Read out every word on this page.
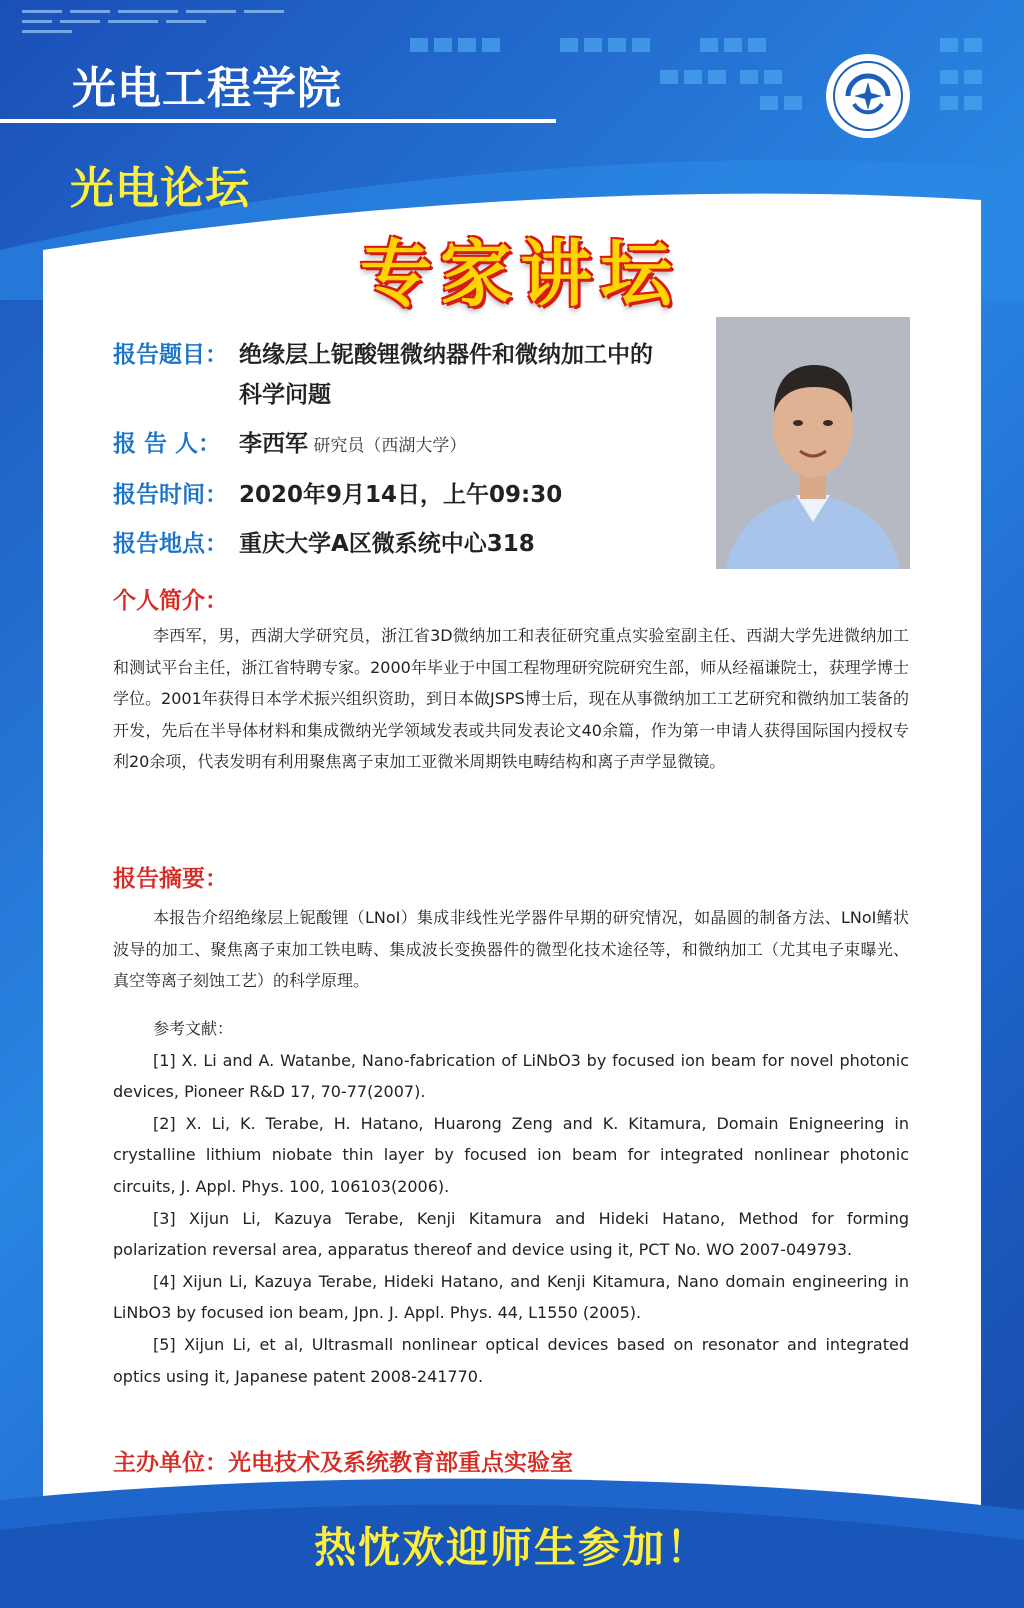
光电工程学院
光电论坛
专家讲坛
报告题目： 绝缘层上铌酸锂微纳器件和微纳加工中的
科学问题
报 告 人： 李西军 研究员（西湖大学）
报告时间： 2020年9月14日，上午09:30
报告地点： 重庆大学A区微系统中心318
个人简介：

李西军，男，西湖大学研究员，浙江省3D微纳加工和表征研究重点实验室副主任、西湖大学先进微纳加工和测试平台主任，浙江省特聘专家。2000年毕业于中国工程物理研究院研究生部，师从经福谦院士，获理学博士学位。2001年获得日本学术振兴组织资助，到日本做JSPS博士后，现在从事微纳加工工艺研究和微纳加工装备的开发，先后在半导体材料和集成微纳光学领域发表或共同发表论文40余篇，作为第一申请人获得国际国内授权专利20余项，代表发明有利用聚焦离子束加工亚微米周期铁电畴结构和离子声学显微镜。

报告摘要：

本报告介绍绝缘层上铌酸锂（LNoI）集成非线性光学器件早期的研究情况，如晶圆的制备方法、LNoI鳍状波导的加工、聚焦离子束加工铁电畴、集成波长变换器件的微型化技术途径等，和微纳加工（尤其电子束曝光、真空等离子刻蚀工艺）的科学原理。

参考文献：

[1] X. Li and A. Watanbe, Nano-fabrication of LiNbO3 by focused ion beam for novel photonic devices, Pioneer R&D 17, 70-77(2007).

[2] X. Li, K. Terabe, H. Hatano, Huarong Zeng and K. Kitamura, Domain Enigneering in crystalline lithium niobate thin layer by focused ion beam for integrated nonlinear photonic circuits, J. Appl. Phys. 100, 106103(2006).

[3] Xijun Li, Kazuya Terabe, Kenji Kitamura and Hideki Hatano, Method for forming polarization reversal area, apparatus thereof and device using it, PCT No. WO 2007-049793.

[4] Xijun Li, Kazuya Terabe, Hideki Hatano, and Kenji Kitamura, Nano domain engineering in LiNbO3 by focused ion beam, Jpn. J. Appl. Phys. 44, L1550 (2005).

[5] Xijun Li, et al, Ultrasmall nonlinear optical devices based on resonator and integrated optics using it, Japanese patent 2008-241770.

主办单位：光电技术及系统教育部重点实验室
热忱欢迎师生参加！
